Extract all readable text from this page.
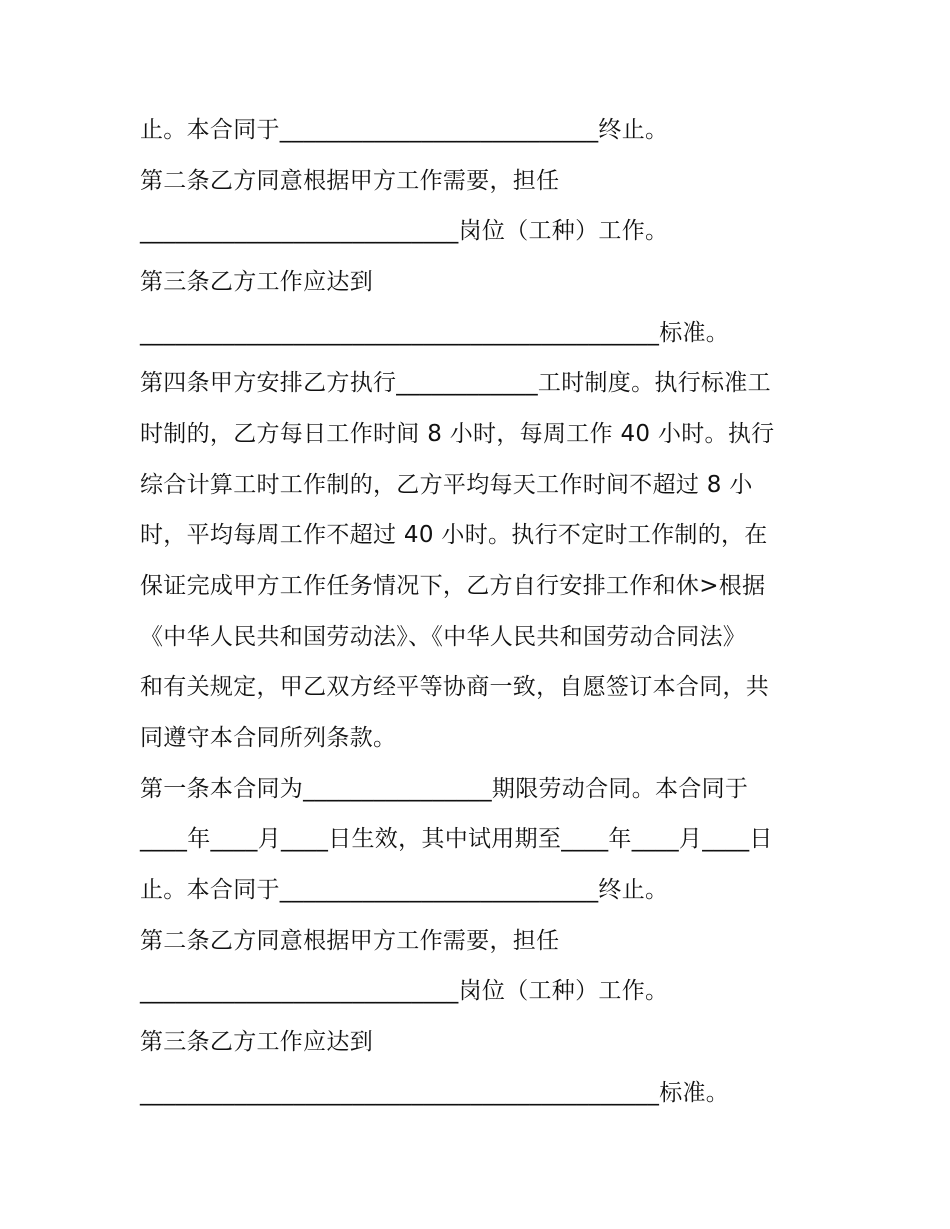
止。本合同于___________________________终止。
第二条乙方同意根据甲方工作需要，担任
___________________________岗位（工种）工作。
第三条乙方工作应达到
____________________________________________标准。
第四条甲方安排乙方执行____________工时制度。执行标准工
时制的，乙方每日工作时间 8 小时，每周工作 40 小时。执行
综合计算工时工作制的，乙方平均每天工作时间不超过 8 小
时，平均每周工作不超过 40 小时。执行不定时工作制的，在
保证完成甲方工作任务情况下，乙方自行安排工作和休>根据
《中华人民共和国劳动法》、《中华人民共和国劳动合同法》
和有关规定，甲乙双方经平等协商一致，自愿签订本合同，共
同遵守本合同所列条款。
第一条本合同为________________期限劳动合同。本合同于
____年____月____日生效，其中试用期至____年____月____日
止。本合同于___________________________终止。
第二条乙方同意根据甲方工作需要，担任
___________________________岗位（工种）工作。
第三条乙方工作应达到
____________________________________________标准。
